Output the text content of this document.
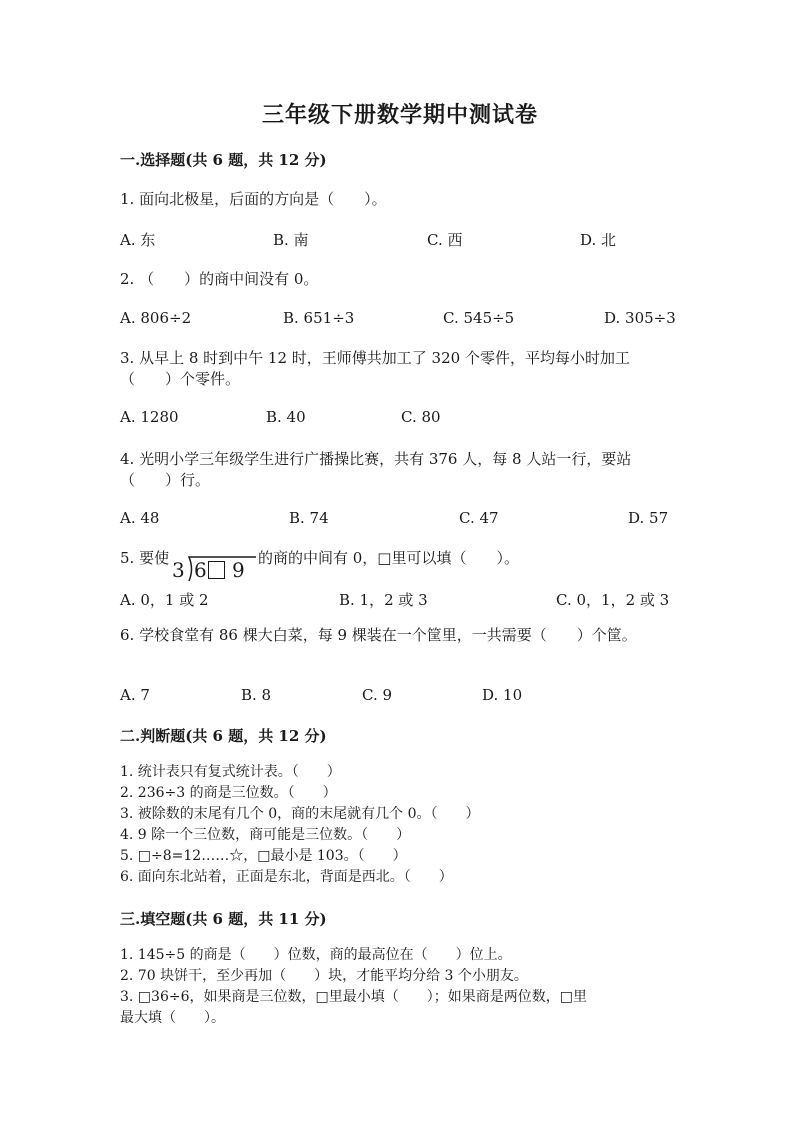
三年级下册数学期中测试卷
一.选择题(共 6 题，共 12 分)
1. 面向北极星，后面的方向是（　　）。
A. 东	B. 南	C. 西	D. 北
2. （　　）的商中间没有 0。
A. 806÷2	B. 651÷3	C. 545÷5	D. 305÷3
3. 从早上 8 时到中午 12 时，王师傅共加工了 320 个零件，平均每小时加工
（　　）个零件。
A. 1280	B. 40	C. 80
4. 光明小学三年级学生进行广播操比赛，共有 376 人，每 8 人站一行，要站
（　　）行。
A. 48	B. 74	C. 47	D. 57
5. 要使 3 6 9 的商的中间有 0，□里可以填（　　）。
A. 0，1 或 2	B. 1，2 或 3	C. 0，1，2 或 3
6. 学校食堂有 86 棵大白菜，每 9 棵装在一个筐里，一共需要（　　）个筐。
A. 7	B. 8	C. 9	D. 10
二.判断题(共 6 题，共 12 分)
1. 统计表只有复式统计表。（　　）
2. 236÷3 的商是三位数。（　　）
3. 被除数的末尾有几个 0，商的末尾就有几个 0。（　　）
4. 9 除一个三位数，商可能是三位数。（　　）
5. □÷8=12……☆，□最小是 103。（　　）
6. 面向东北站着，正面是东北，背面是西北。（　　）
三.填空题(共 6 题，共 11 分)
1. 145÷5 的商是（　　）位数，商的最高位在（　　）位上。
2. 70 块饼干，至少再加（　　）块，才能平均分给 3 个小朋友。
3. □36÷6，如果商是三位数，□里最小填（　　）；如果商是两位数，□里
最大填（　　）。
